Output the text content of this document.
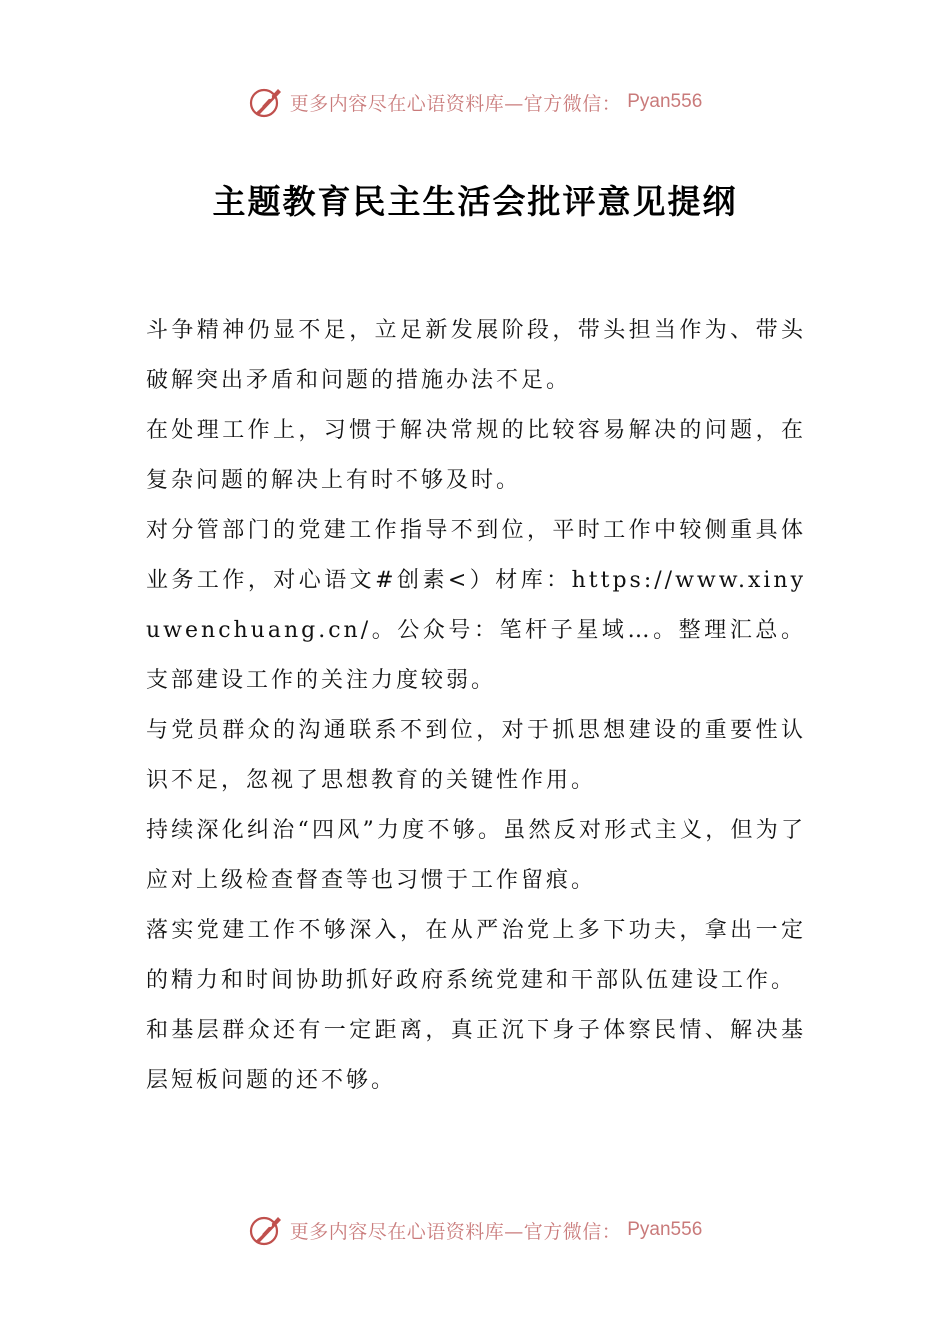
更多内容尽在心语资料库—官方微信： Pyan556
主题教育民主生活会批评意见提纲

斗争精神仍显不足，立足新发展阶段，带头担当作为、带头破解突出矛盾和问题的措施办法不足。

在处理工作上，习惯于解决常规的比较容易解决的问题，在复杂问题的解决上有时不够及时。

对分管部门的党建工作指导不到位，平时工作中较侧重具体业务工作，对心语文#创素<）材库：https://www.xinyuwenchuang.cn/。公众号：笔杆子星域…。整理汇总。支部建设工作的关注力度较弱。

与党员群众的沟通联系不到位，对于抓思想建设的重要性认识不足，忽视了思想教育的关键性作用。

持续深化纠治“四风”力度不够。虽然反对形式主义，但为了应对上级检查督查等也习惯于工作留痕。

落实党建工作不够深入，在从严治党上多下功夫，拿出一定的精力和时间协助抓好政府系统党建和干部队伍建设工作。

和基层群众还有一定距离，真正沉下身子体察民情、解决基层短板问题的还不够。

更多内容尽在心语资料库—官方微信： Pyan556
